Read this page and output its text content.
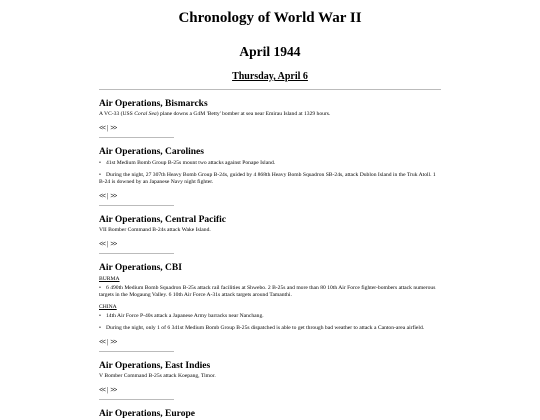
Chronology of World War II
April 1944
Thursday, April 6
Air Operations, Bismarcks
A VC-33 (USS Coral Sea) plane downs a G4M 'Betty' bomber at sea near Emirau Island at 1329 hours.
<< | >>
Air Operations, Carolines
• 41st Medium Bomb Group B-25s mount two attacks against Ponape Island.
• During the night, 27 307th Heavy Bomb Group B-24s, guided by 4 868th Heavy Bomb Squadron SB-24s, attack Dublon Island in the Truk Atoll. 1 B-24 is downed by an Japanese Navy night fighter.
<< | >>
Air Operations, Central Pacific
VII Bomber Command B-24s attack Wake Island.
<< | >>
Air Operations, CBI
BURMA
• 6 490th Medium Bomb Squadron B-25s attack rail facilities at Shwebo. 2 B-25s and more than 80 10th Air Force fighter-bombers attack numerous targets in the Mogaung Valley. 6 10th Air Force A-31s attack targets around Tamanthi.
CHINA
• 14th Air Force P-40s attack a Japanese Army barracks near Nanchang.
• During the night, only 1 of 6 341st Medium Bomb Group B-25s dispatched is able to get through bad weather to attack a Canton-area airfield.
<< | >>
Air Operations, East Indies
V Bomber Command B-25s attack Koepang, Timor.
<< | >>
Air Operations, Europe
